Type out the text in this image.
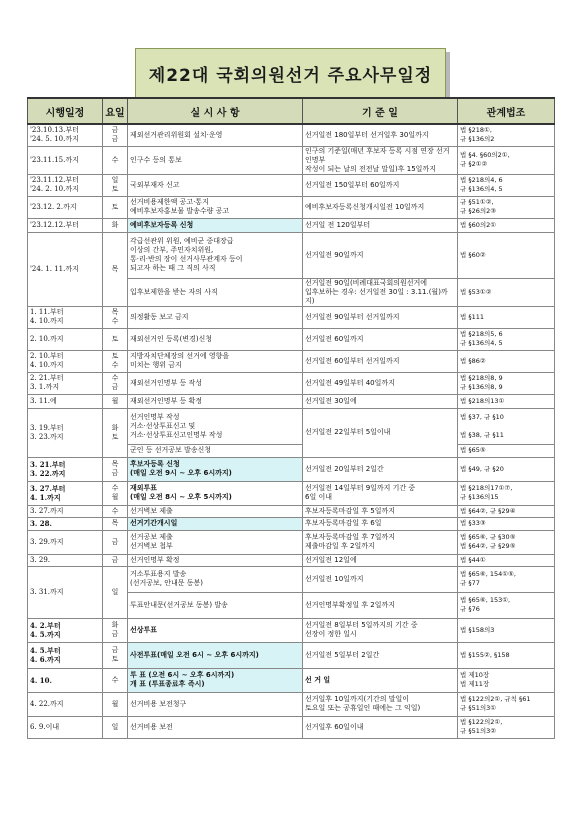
제22대 국회의원선거 주요사무일정
시행일정	요일	실 시 사 항	기 준 일	관계법조

'23.10.13.부터
'24. 5. 10.까지	금
금	제외선거관리위원회 설치·운영	선거일전 180일부터 선거일후 30일까지	법 §218①,
규 §136의2

'23.11.15.까지	수	인구수 등의 통보	인구의 기준일(매년 후보자 등록 시점 연장 선거인명부
작성이 되는 날의 전전날 말일)후 15일까지	법 §4. §60의2①,
규 §2①②

'23.11.12.부터
'24. 2. 10.까지	일
토	국외부재자 신고	선거일전 150일부터 60일까지	법 §218의4, 6
규 §136의4, 5

'23.12. 2.까지	토	선거비용제한액 공고·통지
예비후보자홍보물 발송수량 공고	예비후보자등록신청개시일전 10일까지	규 §51①②,
규 §26의2③

'23.12.12.부터	화	예비후보자등록 신청	선거일 전 120일부터	법 §60의2①

'24. 1. 11.까지	목	각급선관위 위원, 예비군 중대장급
이상의 간부, 주민자치위원,
통·리·반의 장이 선거사무관계자 등이
되고자 하는 때 그 직의 사직	선거일전 90일까지	법 §60②

		입후보제한을 받는 자의 사직	선거일전 90일(비례대표국회의원선거에
입후보하는 경우: 선거일전 30일 : 3.11.(월)까지)	법 §53①②

1. 11.부터
4. 10.까지	목
수	의정활동 보고 금지	선거일전 90일부터 선거일까지	법 §111

2. 10.까지	토	재외선거인 등록(변경)신청	선거일전 60일까지	법 §218의5, 6
규 §136의4, 5

2. 10.부터
4. 10.까지	토
수	지방자치단체장의 선거에 영향을
미치는 행위 금지	선거일전 60일부터 선거일까지	법 §86②

2. 21.부터
3. 1.까지	수
금	재외선거인명부 등 작성	선거일전 49일부터 40일까지	법 §218의8, 9
규 §136의8, 9

3. 11.에	월	재외선거인명부 등 확정	선거일전 30일에	법 §218의13①

3. 19.부터
3. 23.까지	화
토	선거인명부 작성
거소·선상투표신고 및
거소·선상투표신고인명부 작성	선거일전 22일부터 5일이내	법 §37, 규 §10

법 §38, 규 §11

		군인 등 선거공보 발송신청		법 §65⑤

3. 21.부터
3. 22.까지	목
금	후보자등록 신청
(매일 오전 9시 ~ 오후 6시까지)	선거일전 20일부터 2일간	법 §49, 규 §20

3. 27.부터
4. 1.까지	수
월	재외투표
(매일 오전 8시 ~ 오후 5시까지)	선거일전 14일부터 9일까지 기간 중
6일 이내	법 §218의17①⑦,
규 §136의15

3. 27.까지	수	선거벽보 제출	후보자등록마감일 후 5일까지	법 §64②, 규 §29④

3. 28.	목	선거기간개시일	후보자등록마감일 후 6일	법 §33③

3. 29.까지	금	선거공보 제출
선거벽보 첩부	후보자등록마감일 후 7일까지
제출마감일 후 2일까지	법 §65⑥, 규 §30⑤
법 §64②, 규 §29⑤

3. 29.	금	선거인명부 확정	선거일전 12일에	법 §44①

3. 31.까지	일	거소투표용지 발송
(선거공보, 안내문 동봉)	선거일전 10일까지	법 §65⑥, 154①⑤,
규 §77

		투표안내문(선거공보 동봉) 발송	선거인명부확정일 후 2일까지	법 §65⑥, 153①,
규 §76

4. 2.부터
4. 5.까지	화
금	선상투표	선거일전 8일부터 5일까지의 기간 중
선장이 정한 일시	법 §158의3

4. 5.부터
4. 6.까지	금
토	사전투표(매일 오전 6시 ~ 오후 6시까지)	선거일전 5일부터 2일간	법 §155②, §158

4. 10.	수	투 표 (오전 6시 ~ 오후 6시까지)
개 표 (투표종료후 즉시)	선 거 일	법 제10장
법 제11장

4. 22.까지	월	선거비용 보전청구	선거일후 10일까지(기간의 말일이
토요일 또는 공휴일인 때에는 그 익일)	법 §122의2①, 규칙 §61
규 §51의3①

6. 9.이내	일	선거비용 보전	선거일후 60일이내	법 §122의2①,
규 §51의3②
